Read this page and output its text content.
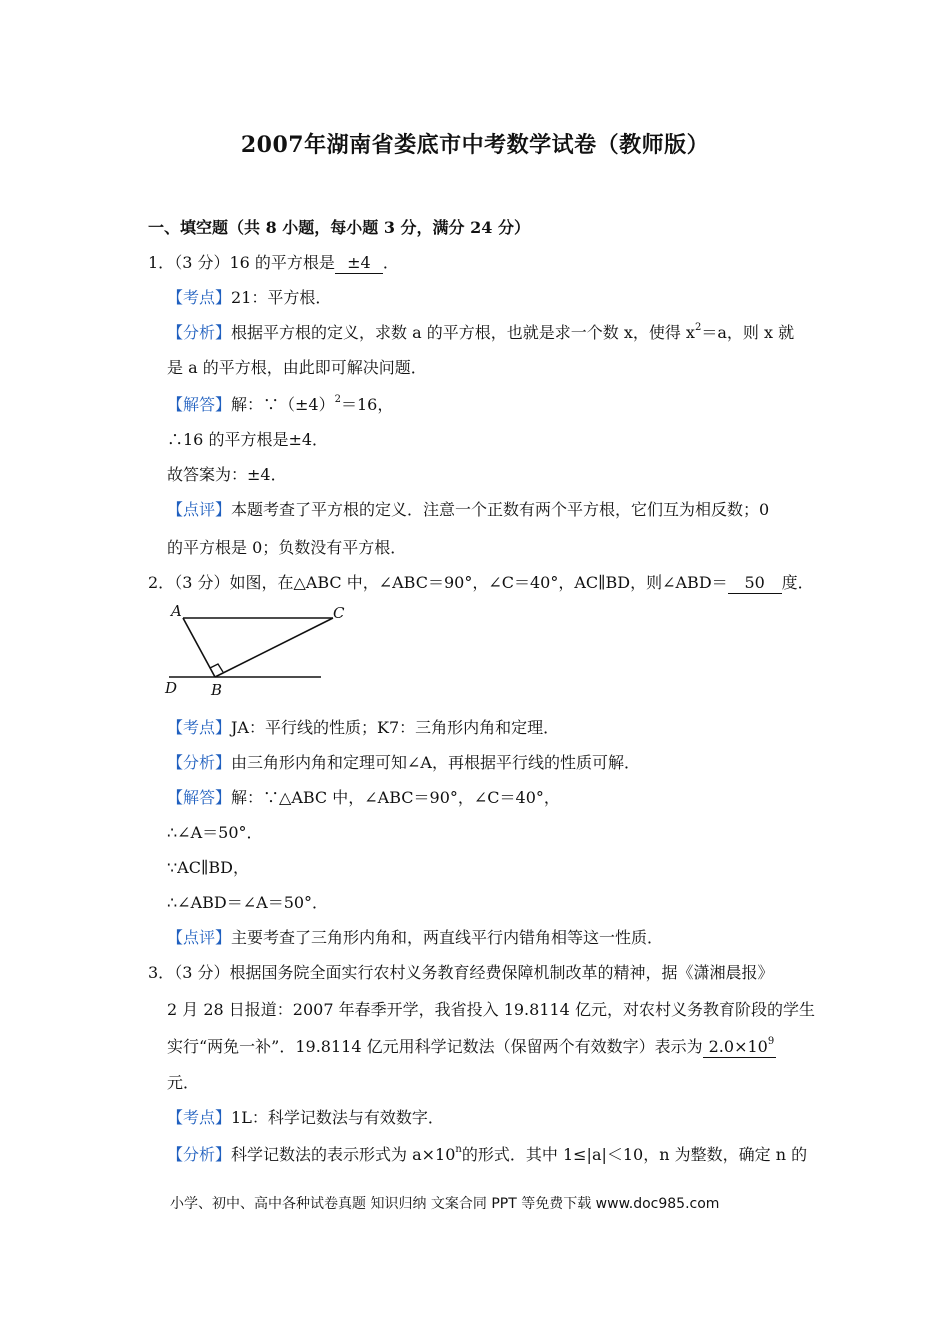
2007年湖南省娄底市中考数学试卷（教师版）
一、填空题（共 8 小题，每小题 3 分，满分 24 分）
1．（3 分）16 的平方根是 ±4 ．
【考点】21：平方根．
【分析】根据平方根的定义，求数 a 的平方根，也就是求一个数 x，使得 $x^2=a$，则 x 就
是 a 的平方根，由此即可解决问题．
【解答】解：$\because(\pm 4)^2=16$，
∴16 的平方根是±4．
故答案为：±4．
【点评】本题考查了平方根的定义．注意一个正数有两个平方根，它们互为相反数；0
的平方根是 0；负数没有平方根．
2．（3 分）如图，在△ABC 中，∠ABC＝90°，∠C＝40°，AC∥BD，则∠ABD＝ 50 度．
A	C
D B
【考点】JA：平行线的性质；K7：三角形内角和定理．
【分析】由三角形内角和定理可知∠A，再根据平行线的性质可解．
【解答】解：∵△ABC 中，∠ABC＝90°，∠C＝40°，
∴∠A＝50°．
∵AC∥BD，
∴∠ABD＝∠A＝50°．
【点评】主要考查了三角形内角和，两直线平行内错角相等这一性质．
3．（3 分）根据国务院全面实行农村义务教育经费保障机制改革的精神，据《潇湘晨报》
2 月 28 日报道：2007 年春季开学，我省投入 19.8114 亿元，对农村义务教育阶段的学生
实行“两免一补”．19.8114 亿元用科学记数法（保留两个有效数字）表示为 $2.0\times 10^9$
元．
【考点】1L：科学记数法与有效数字．
【分析】科学记数法的表示形式为 $a\times 10^n$的形式．其中 1≤|a|＜10，n 为整数，确定 n 的
小学、初中、高中各种试卷真题 知识归纳 文案合同 PPT 等免费下载 www.doc985.com
